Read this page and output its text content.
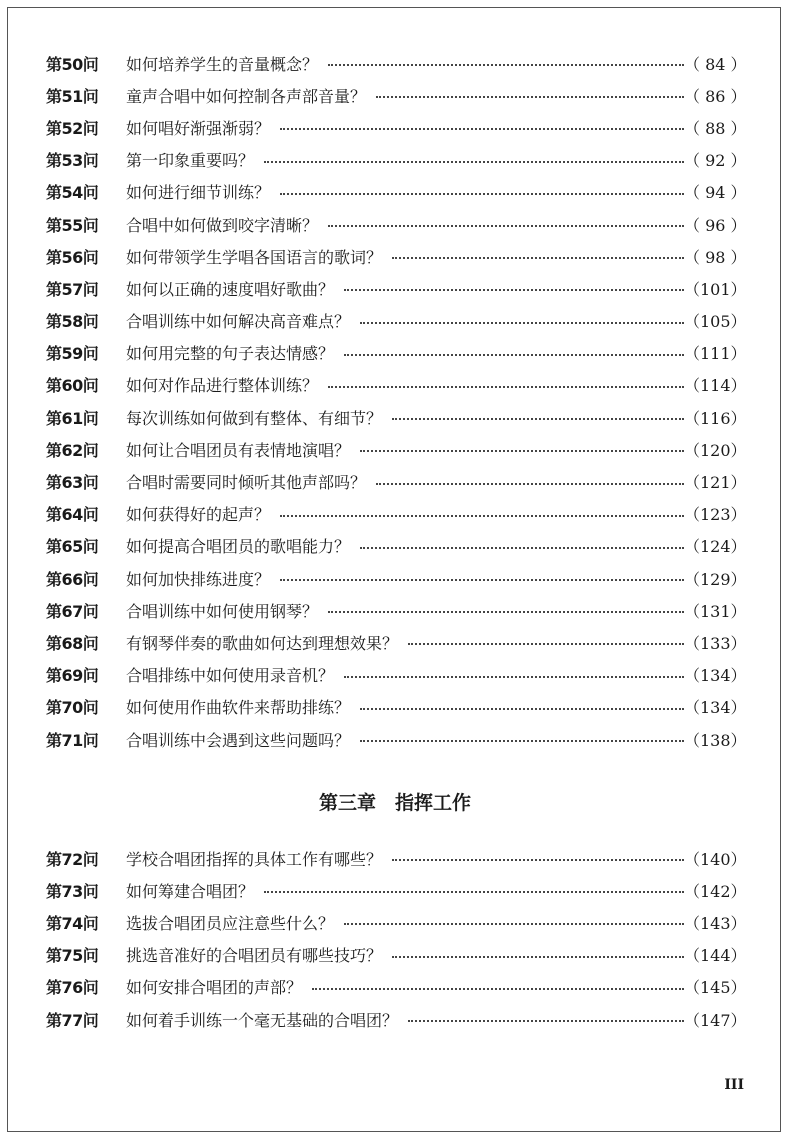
第50问	如何培养学生的音量概念？	（ 84 ）
第51问	童声合唱中如何控制各声部音量？	（ 86 ）
第52问	如何唱好渐强渐弱？	（ 88 ）
第53问	第一印象重要吗？	（ 92 ）
第54问	如何进行细节训练？	（ 94 ）
第55问	合唱中如何做到咬字清晰？	（ 96 ）
第56问	如何带领学生学唱各国语言的歌词？	（ 98 ）
第57问	如何以正确的速度唱好歌曲？	（101）
第58问	合唱训练中如何解决高音难点？	（105）
第59问	如何用完整的句子表达情感？	（111）
第60问	如何对作品进行整体训练？	（114）
第61问	每次训练如何做到有整体、有细节？	（116）
第62问	如何让合唱团员有表情地演唱？	（120）
第63问	合唱时需要同时倾听其他声部吗？	（121）
第64问	如何获得好的起声？	（123）
第65问	如何提高合唱团员的歌唱能力？	（124）
第66问	如何加快排练进度？	（129）
第67问	合唱训练中如何使用钢琴？	（131）
第68问	有钢琴伴奏的歌曲如何达到理想效果？	（133）
第69问	合唱排练中如何使用录音机？	（134）
第70问	如何使用作曲软件来帮助排练？	（134）
第71问	合唱训练中会遇到这些问题吗？	（138）
第三章　指挥工作
第72问	学校合唱团指挥的具体工作有哪些？	（140）
第73问	如何筹建合唱团？	（142）
第74问	选拔合唱团员应注意些什么？	（143）
第75问	挑选音准好的合唱团员有哪些技巧？	（144）
第76问	如何安排合唱团的声部？	（145）
第77问	如何着手训练一个毫无基础的合唱团？	（147）
III
